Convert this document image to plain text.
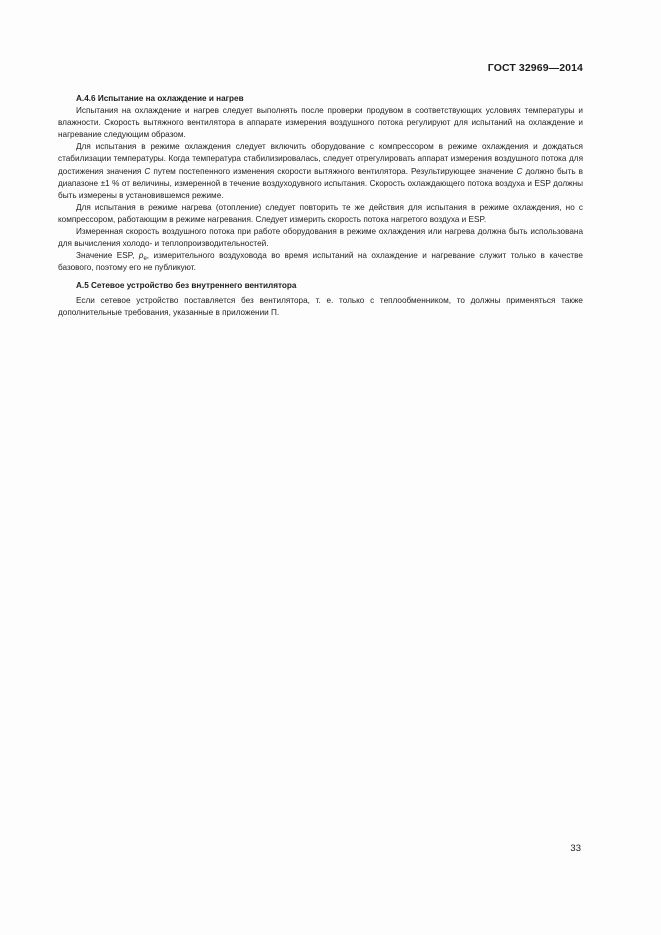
ГОСТ 32969—2014
А.4.6 Испытание на охлаждение и нагрев

Испытания на охлаждение и нагрев следует выполнять после проверки продувом в соответствующих условиях температуры и влажности. Скорость вытяжного вентилятора в аппарате измерения воздушного потока регулируют для испытаний на охлаждение и нагревание следующим образом.

Для испытания в режиме охлаждения следует включить оборудование с компрессором в режиме охлаждения и дождаться стабилизации температуры. Когда температура стабилизировалась, следует отрегулировать аппарат измерения воздушного потока для достижения значения С путем постепенного изменения скорости вытяжного вентилятора. Результирующее значение С должно быть в диапазоне ±1 % от величины, измеренной в течение воздуходувного испытания. Скорость охлаждающего потока воздуха и ESP должны быть измерены в установившемся режиме.

Для испытания в режиме нагрева (отопление) следует повторить те же действия для испытания в режиме охлаждения, но с компрессором, работающим в режиме нагревания. Следует измерить скорость потока нагретого воздуха и ESP.

Измеренная скорость воздушного потока при работе оборудования в режиме охлаждения или нагрева должна быть использована для вычисления холодо- и теплопроизводительностей.

Значение ESP, $p_e$, измерительного воздуховода во время испытаний на охлаждение и нагревание служит только в качестве базового, поэтому его не публикуют.

А.5 Сетевое устройство без внутреннего вентилятора

Если сетевое устройство поставляется без вентилятора, т. е. только с теплообменником, то должны применяться также дополнительные требования, указанные в приложении П.

33
